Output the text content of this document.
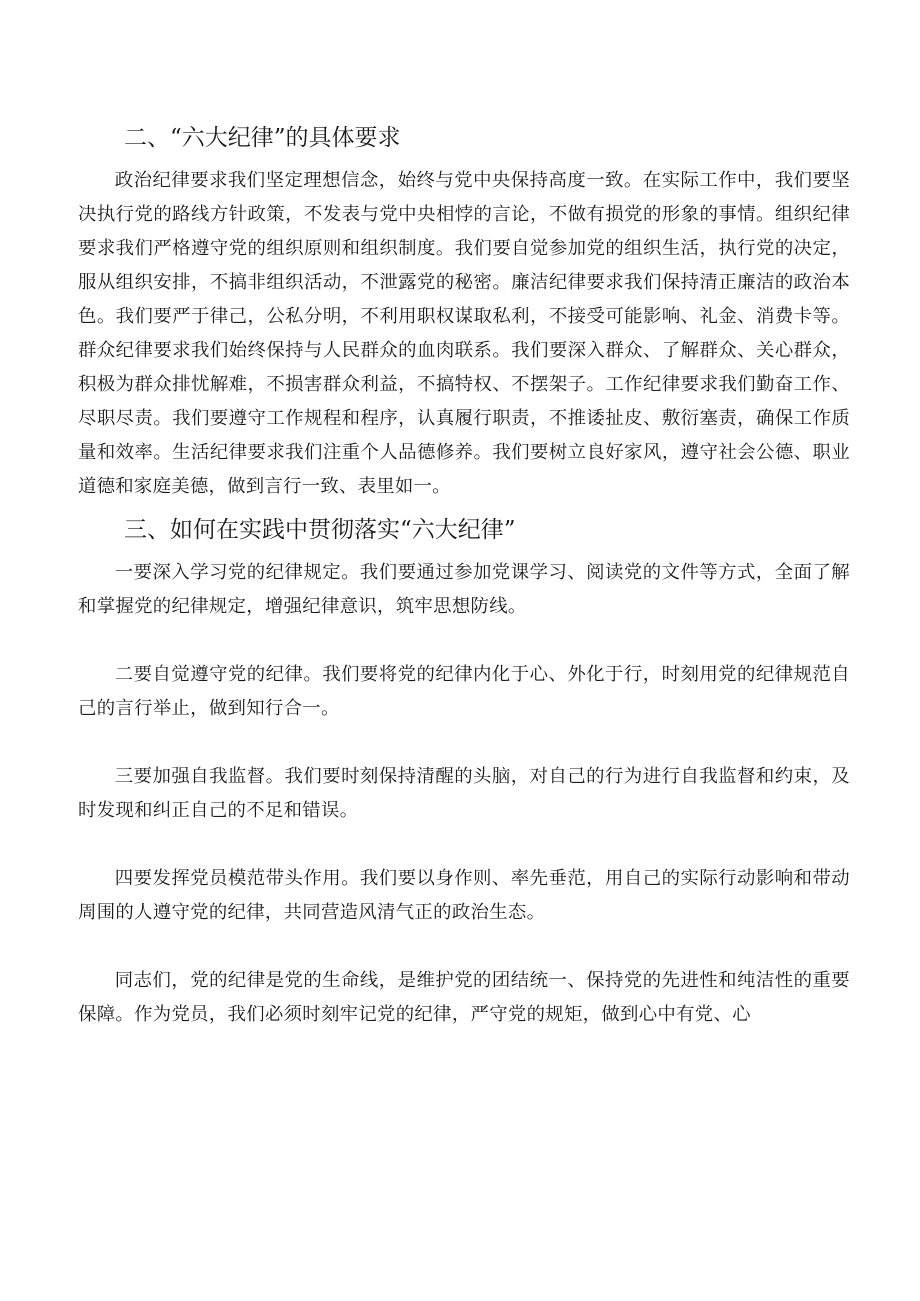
二、“六大纪律”的具体要求

政治纪律要求我们坚定理想信念，始终与党中央保持高度一致。在实际工作中，我们要坚决执行党的路线方针政策，不发表与党中央相悖的言论，不做有损党的形象的事情。组织纪律要求我们严格遵守党的组织原则和组织制度。我们要自觉参加党的组织生活，执行党的决定，服从组织安排，不搞非组织活动，不泄露党的秘密。廉洁纪律要求我们保持清正廉洁的政治本色。我们要严于律己，公私分明，不利用职权谋取私利，不接受可能影响、礼金、消费卡等。群众纪律要求我们始终保持与人民群众的血肉联系。我们要深入群众、了解群众、关心群众，积极为群众排忧解难，不损害群众利益，不搞特权、不摆架子。工作纪律要求我们勤奋工作、尽职尽责。我们要遵守工作规程和程序，认真履行职责，不推诿扯皮、敷衍塞责，确保工作质量和效率。生活纪律要求我们注重个人品德修养。我们要树立良好家风，遵守社会公德、职业道德和家庭美德，做到言行一致、表里如一。

三、如何在实践中贯彻落实“六大纪律”

一要深入学习党的纪律规定。我们要通过参加党课学习、阅读党的文件等方式，全面了解和掌握党的纪律规定，增强纪律意识，筑牢思想防线。

二要自觉遵守党的纪律。我们要将党的纪律内化于心、外化于行，时刻用党的纪律规范自己的言行举止，做到知行合一。

三要加强自我监督。我们要时刻保持清醒的头脑，对自己的行为进行自我监督和约束，及时发现和纠正自己的不足和错误。

四要发挥党员模范带头作用。我们要以身作则、率先垂范，用自己的实际行动影响和带动周围的人遵守党的纪律，共同营造风清气正的政治生态。

同志们，党的纪律是党的生命线，是维护党的团结统一、保持党的先进性和纯洁性的重要保障。作为党员，我们必须时刻牢记党的纪律，严守党的规矩，做到心中有党、心
